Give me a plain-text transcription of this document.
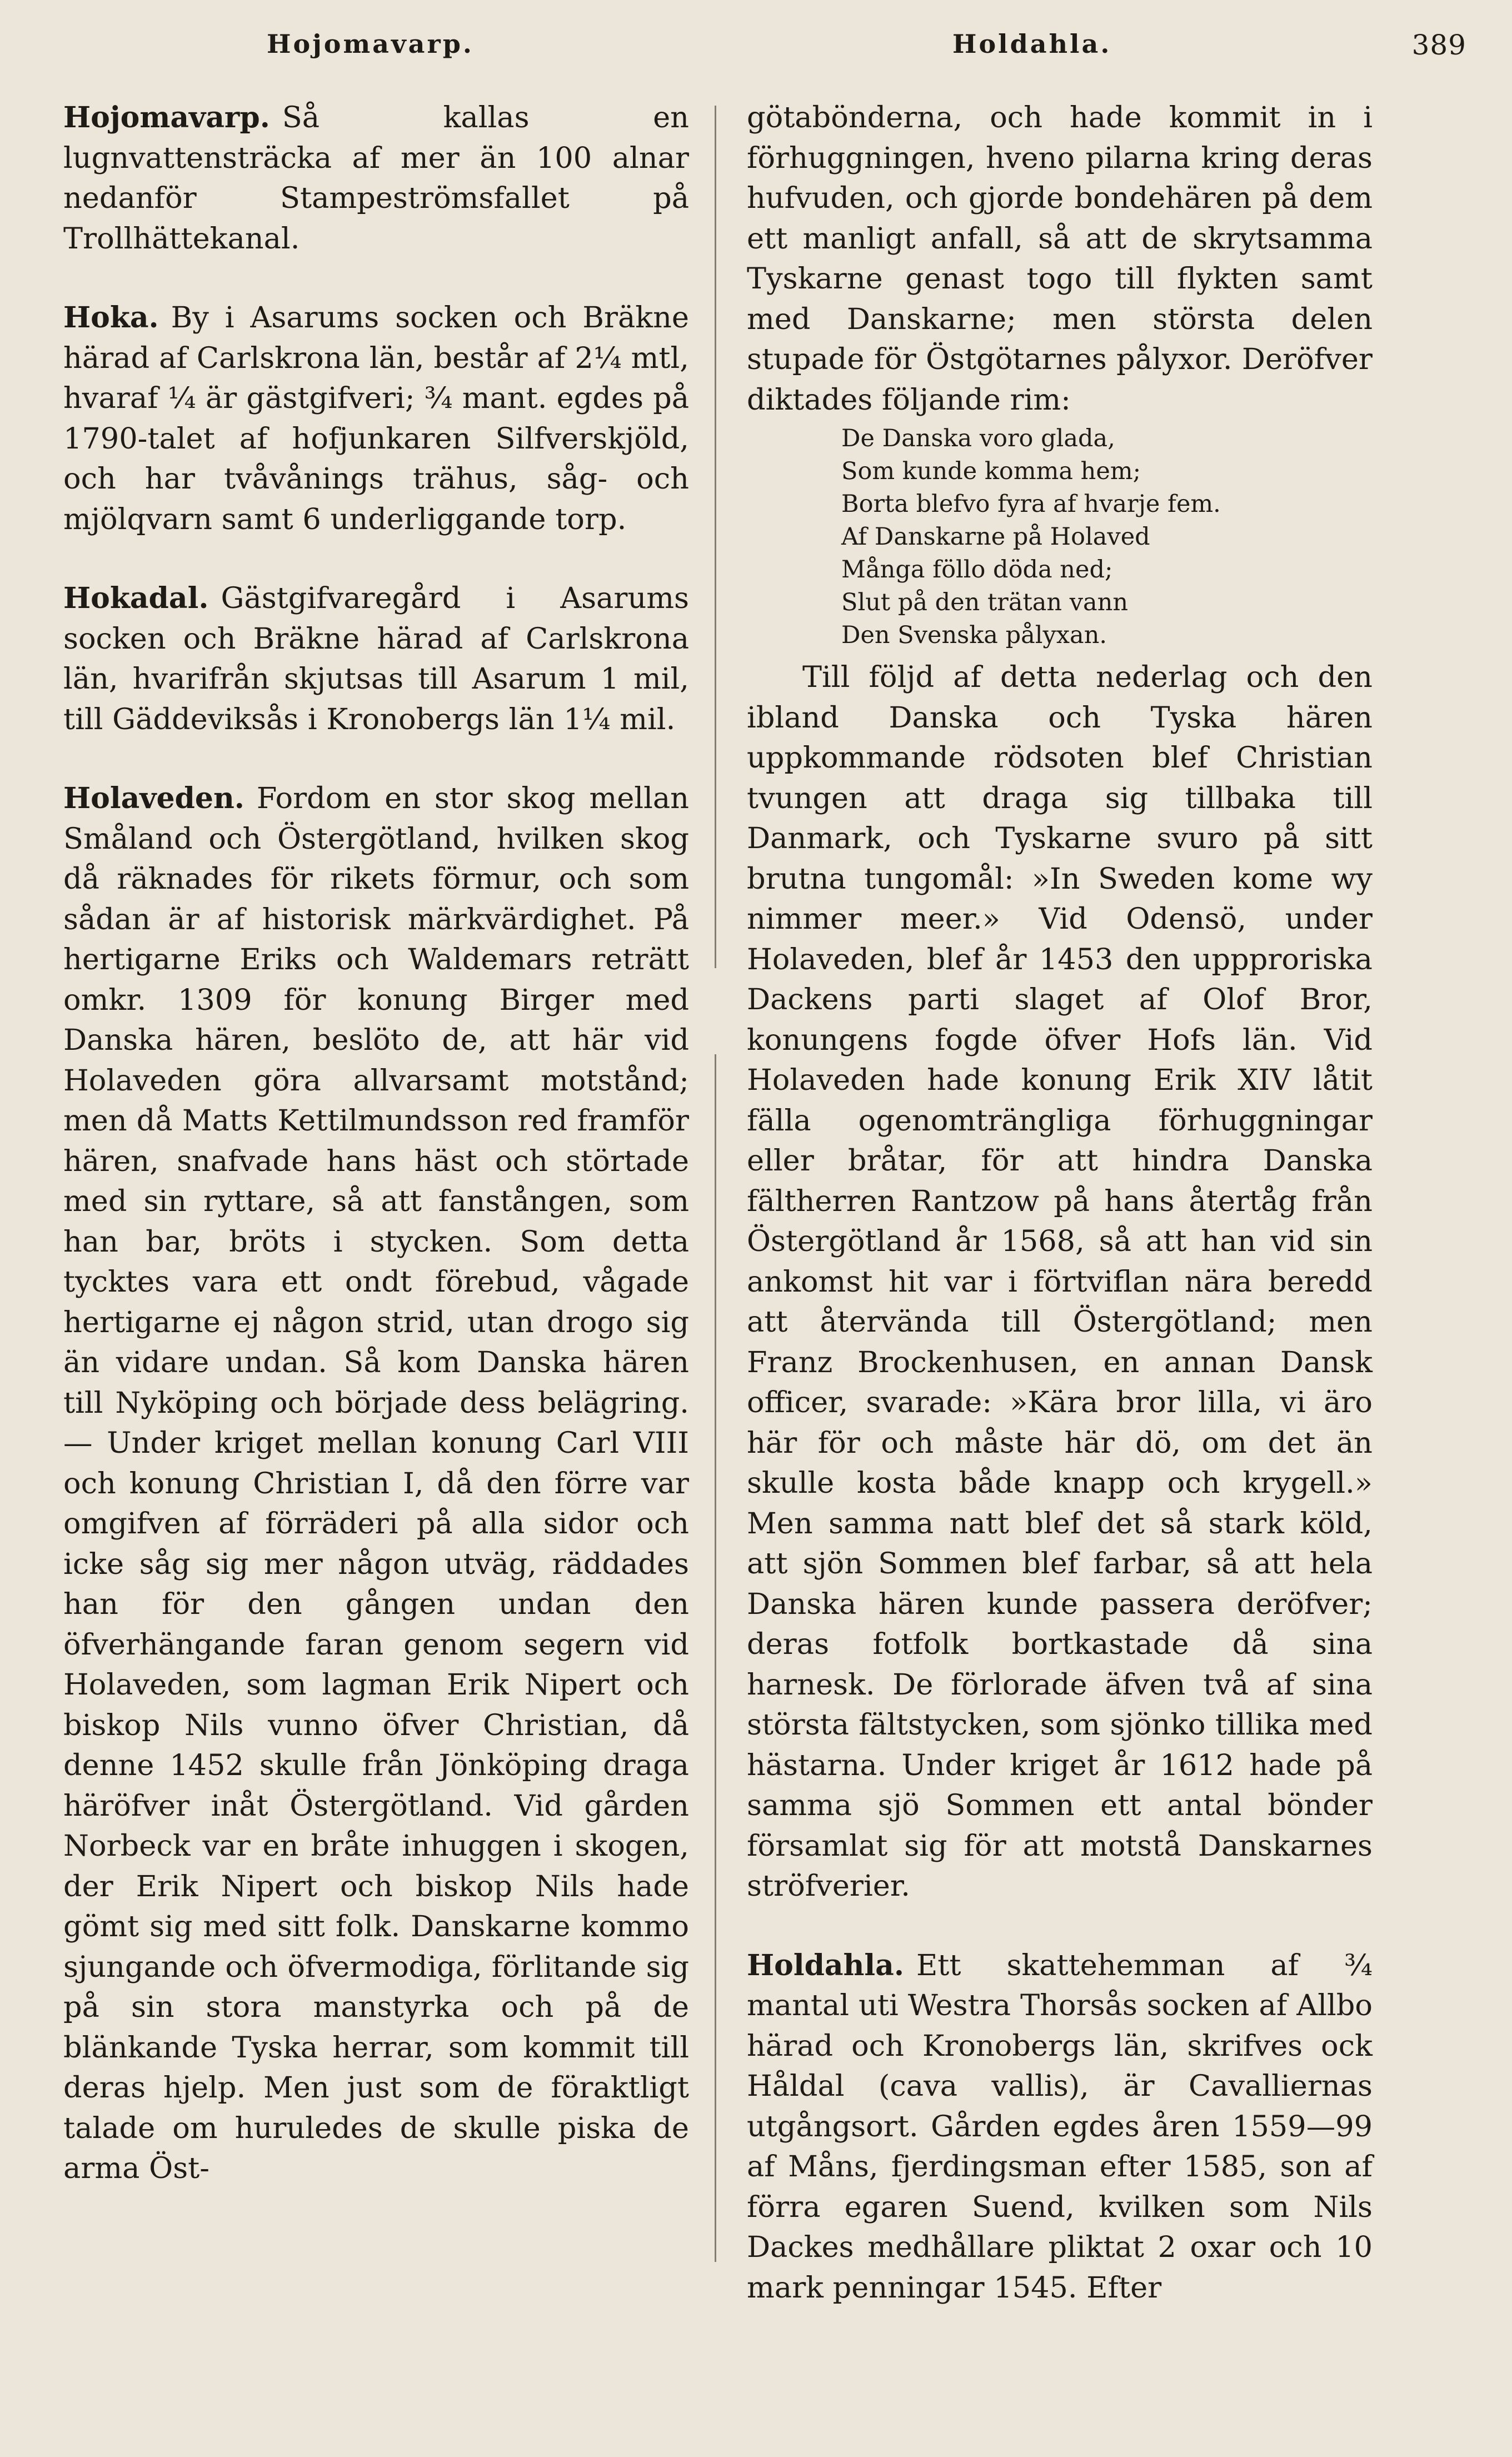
Hojomavarp.	Holdahla.	389

Hojomavarp. Så kallas en lugnvattensträcka af mer än 100 alnar nedanför Stampeströmsfallet på Trollhättekanal.

Hoka. By i Asarums socken och Bräkne härad af Carlskrona län, består af 2¼ mtl, hvaraf ¼ är gästgifveri; ¾ mant. egdes på 1790-talet af hofjunkaren Silfverskjöld, och har tvåvånings trähus, såg- och mjölqvarn samt 6 underliggande torp.

Hokadal. Gästgifvaregård i Asarums socken och Bräkne härad af Carlskrona län, hvarifrån skjutsas till Asarum 1 mil, till Gäddeviksås i Kronobergs län 1¼ mil.

Holaveden. Fordom en stor skog mellan Småland och Östergötland, hvilken skog då räknades för rikets förmur, och som sådan är af historisk märkvärdighet. På hertigarne Eriks och Waldemars reträtt omkr. 1309 för konung Birger med Danska hären, beslöto de, att här vid Holaveden göra allvarsamt motstånd; men då Matts Kettilmundsson red framför hären, snafvade hans häst och störtade med sin ryttare, så att fanstången, som han bar, bröts i stycken. Som detta tycktes vara ett ondt förebud, vågade hertigarne ej någon strid, utan drogo sig än vidare undan. Så kom Danska hären till Nyköping och började dess belägring. — Under kriget mellan konung Carl VIII och konung Christian I, då den förre var omgifven af förräderi på alla sidor och icke såg sig mer någon utväg, räddades han för den gången undan den öfverhängande faran genom segern vid Holaveden, som lagman Erik Nipert och biskop Nils vunno öfver Christian, då denne 1452 skulle från Jönköping draga häröfver inåt Östergötland. Vid gården Norbeck var en bråte inhuggen i skogen, der Erik Nipert och biskop Nils hade gömt sig med sitt folk. Danskarne kommo sjungande och öfvermodiga, förlitande sig på sin stora manstyrka och på de blänkande Tyska herrar, som kommit till deras hjelp. Men just som de föraktligt talade om huruledes de skulle piska de arma Öst-

götabönderna, och hade kommit in i förhuggningen, hveno pilarna kring deras hufvuden, och gjorde bondehären på dem ett manligt anfall, så att de skrytsamma Tyskarne genast togo till flykten samt med Danskarne; men största delen stupade för Östgötarnes pålyxor. Deröfver diktades följande rim:

De Danska voro glada,
Som kunde komma hem;
Borta blefvo fyra af hvarje fem.
Af Danskarne på Holaved
Många föllo döda ned;
Slut på den trätan vann
Den Svenska pålyxan.

Till följd af detta nederlag och den ibland Danska och Tyska hären uppkommande rödsoten blef Christian tvungen att draga sig tillbaka till Danmark, och Tyskarne svuro på sitt brutna tungomål: »In Sweden kome wy nimmer meer.» Vid Odensö, under Holaveden, blef år 1453 den uppproriska Dackens parti slaget af Olof Bror, konungens fogde öfver Hofs län. Vid Holaveden hade konung Erik XIV låtit fälla ogenomträngliga förhuggningar eller bråtar, för att hindra Danska fältherren Rantzow på hans återtåg från Östergötland år 1568, så att han vid sin ankomst hit var i förtviflan nära beredd att återvända till Östergötland; men Franz Brockenhusen, en annan Dansk officer, svarade: »Kära bror lilla, vi äro här för och måste här dö, om det än skulle kosta både knapp och krygell.» Men samma natt blef det så stark köld, att sjön Sommen blef farbar, så att hela Danska hären kunde passera deröfver; deras fotfolk bortkastade då sina harnesk. De förlorade äfven två af sina största fältstycken, som sjönko tillika med hästarna. Under kriget år 1612 hade på samma sjö Sommen ett antal bönder församlat sig för att motstå Danskarnes ströfverier.

Holdahla. Ett skattehemman af ¾ mantal uti Westra Thorsås socken af Allbo härad och Kronobergs län, skrifves ock Håldal (cava vallis), är Cavalliernas utgångsort. Gården egdes åren 1559—99 af Måns, fjerdingsman efter 1585, son af förra egaren Suend, kvilken som Nils Dackes medhållare pliktat 2 oxar och 10 mark penningar 1545. Efter
